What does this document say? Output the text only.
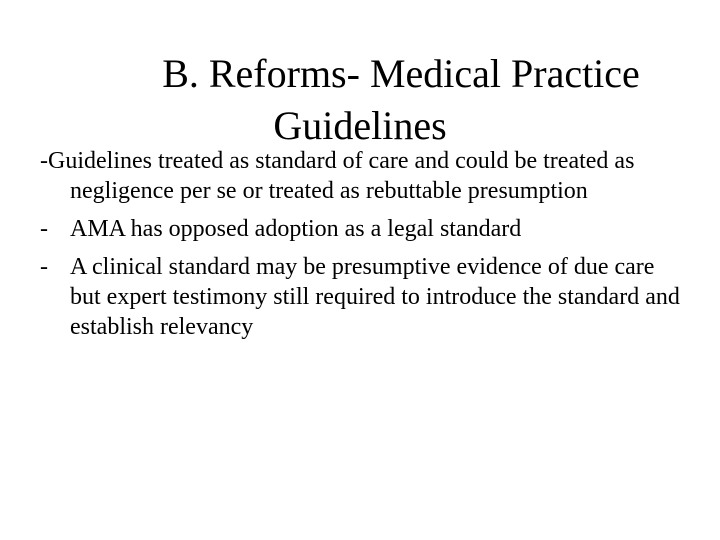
B. Reforms- Medical Practice
Guidelines
-Guidelines treated as standard of care and could be treated as negligence per se or treated as rebuttable presumption
- AMA has opposed adoption as a legal standard
- A clinical standard may be presumptive evidence of due care but expert testimony still required to introduce the standard and establish relevancy
